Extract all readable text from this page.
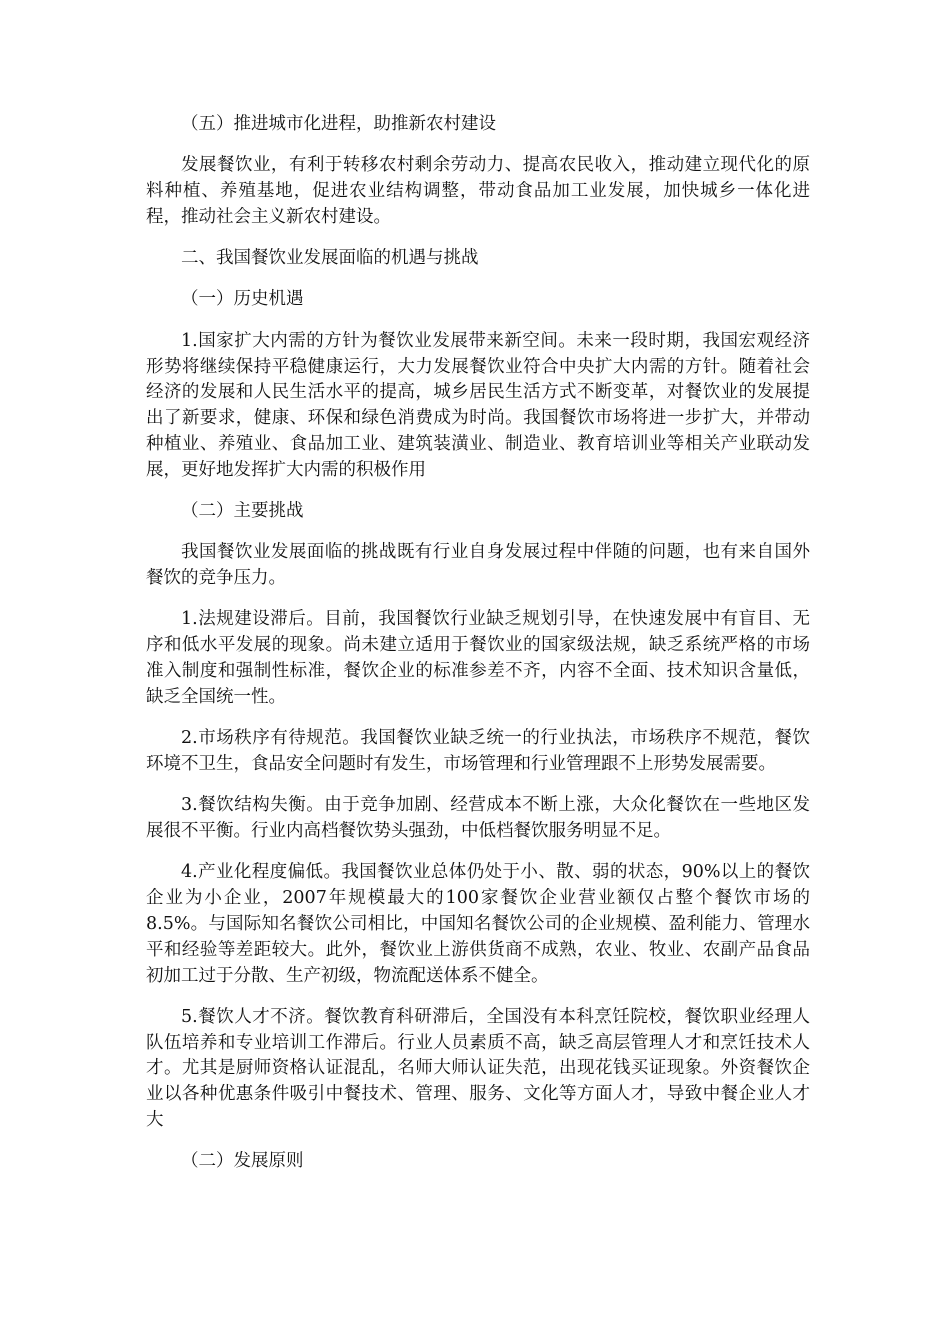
（五）推进城市化进程，助推新农村建设

发展餐饮业，有利于转移农村剩余劳动力、提高农民收入，推动建立现代化的原料种植、养殖基地，促进农业结构调整，带动食品加工业发展，加快城乡一体化进程，推动社会主义新农村建设。

二、我国餐饮业发展面临的机遇与挑战

（一）历史机遇

1.国家扩大内需的方针为餐饮业发展带来新空间。未来一段时期，我国宏观经济形势将继续保持平稳健康运行，大力发展餐饮业符合中央扩大内需的方针。随着社会经济的发展和人民生活水平的提高，城乡居民生活方式不断变革，对餐饮业的发展提出了新要求，健康、环保和绿色消费成为时尚。我国餐饮市场将进一步扩大，并带动种植业、养殖业、食品加工业、建筑装潢业、制造业、教育培训业等相关产业联动发展，更好地发挥扩大内需的积极作用

（二）主要挑战

我国餐饮业发展面临的挑战既有行业自身发展过程中伴随的问题，也有来自国外餐饮的竞争压力。

1.法规建设滞后。目前，我国餐饮行业缺乏规划引导，在快速发展中有盲目、无序和低水平发展的现象。尚未建立适用于餐饮业的国家级法规，缺乏系统严格的市场准入制度和强制性标准，餐饮企业的标准参差不齐，内容不全面、技术知识含量低，缺乏全国统一性。

2.市场秩序有待规范。我国餐饮业缺乏统一的行业执法，市场秩序不规范，餐饮环境不卫生，食品安全问题时有发生，市场管理和行业管理跟不上形势发展需要。

3.餐饮结构失衡。由于竞争加剧、经营成本不断上涨，大众化餐饮在一些地区发展很不平衡。行业内高档餐饮势头强劲，中低档餐饮服务明显不足。

4.产业化程度偏低。我国餐饮业总体仍处于小、散、弱的状态，90%以上的餐饮企业为小企业，2007年规模最大的100家餐饮企业营业额仅占整个餐饮市场的8.5%。与国际知名餐饮公司相比，中国知名餐饮公司的企业规模、盈利能力、管理水平和经验等差距较大。此外，餐饮业上游供货商不成熟，农业、牧业、农副产品食品初加工过于分散、生产初级，物流配送体系不健全。

5.餐饮人才不济。餐饮教育科研滞后，全国没有本科烹饪院校，餐饮职业经理人队伍培养和专业培训工作滞后。行业人员素质不高，缺乏高层管理人才和烹饪技术人才。尤其是厨师资格认证混乱，名师大师认证失范，出现花钱买证现象。外资餐饮企业以各种优惠条件吸引中餐技术、管理、服务、文化等方面人才，导致中餐企业人才大

（二）发展原则
